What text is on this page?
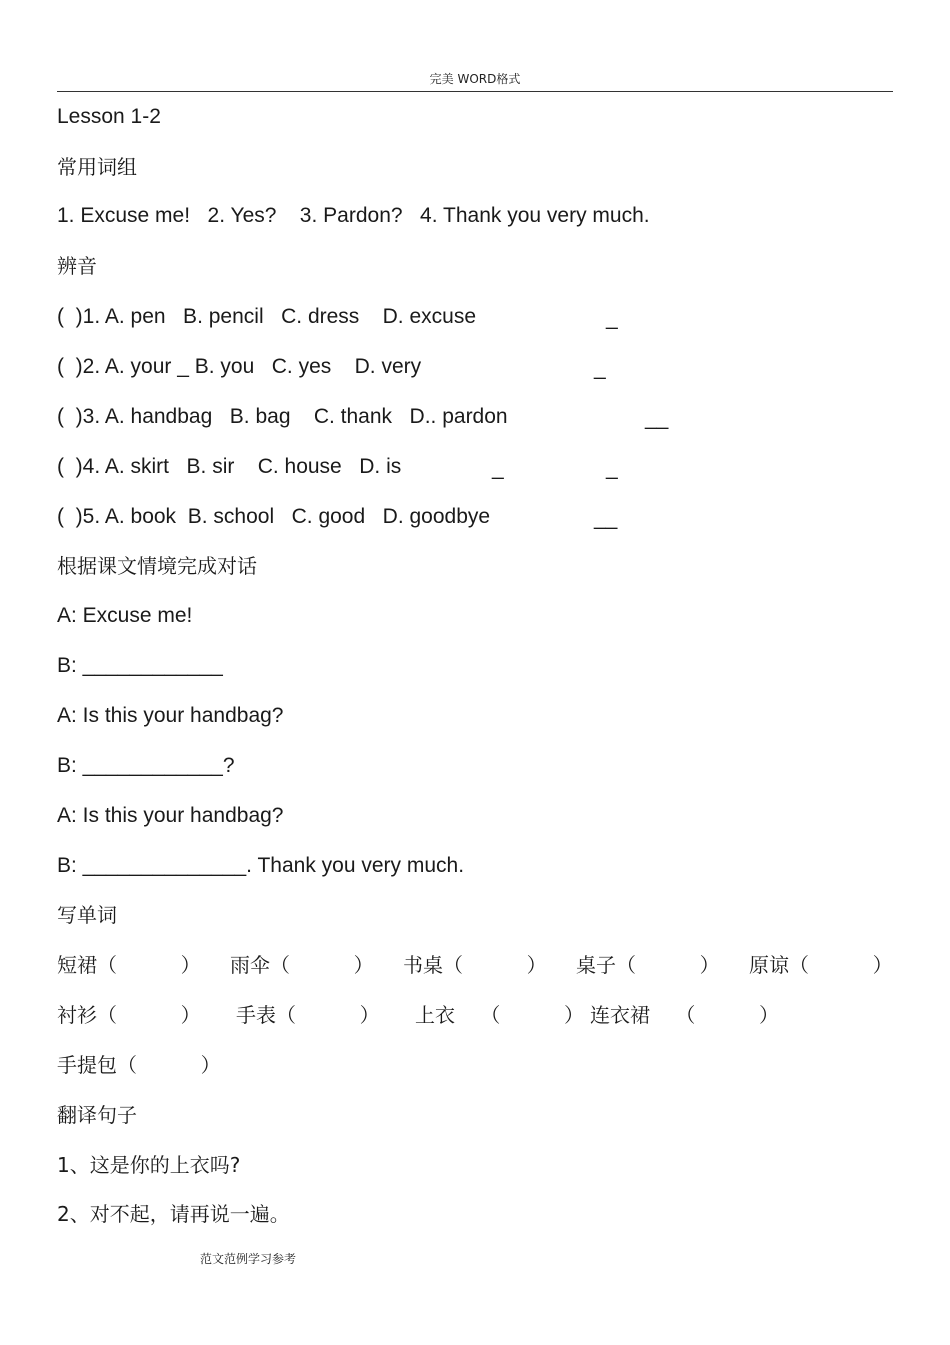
完美 WORD格式
Lesson 1-2
常用词组
1. Excuse me!   2. Yes?    3. Pardon?   4. Thank you very much.
辨音
(  )1. A. pen   B. pencil   C. dress    D. excuse	_
(  )2. A. your _ B. you   C. yes    D. very	_
(  )3. A. handbag   B. bag    C. thank   D.. pardon	__
(  )4. A. skirt   B. sir    C. house   D. is	_	_
(  )5. A. book  B. school   C. good   D. goodbye	__
根据课文情境完成对话
A: Excuse me!
B: ____________
A: Is this your handbag?
B: ____________?
A: Is this your handbag?
B: ______________. Thank you very much.
写单词
短裙（          ） 雨伞（          ） 书桌（          ） 桌子（          ） 原谅（          ）
衬衫（          ） 手表（          ） 上衣    （          ） 连衣裙    （          ）
手提包（          ）
翻译句子
1、这是你的上衣吗?
2、对不起，请再说一遍。
范文范例学习参考
